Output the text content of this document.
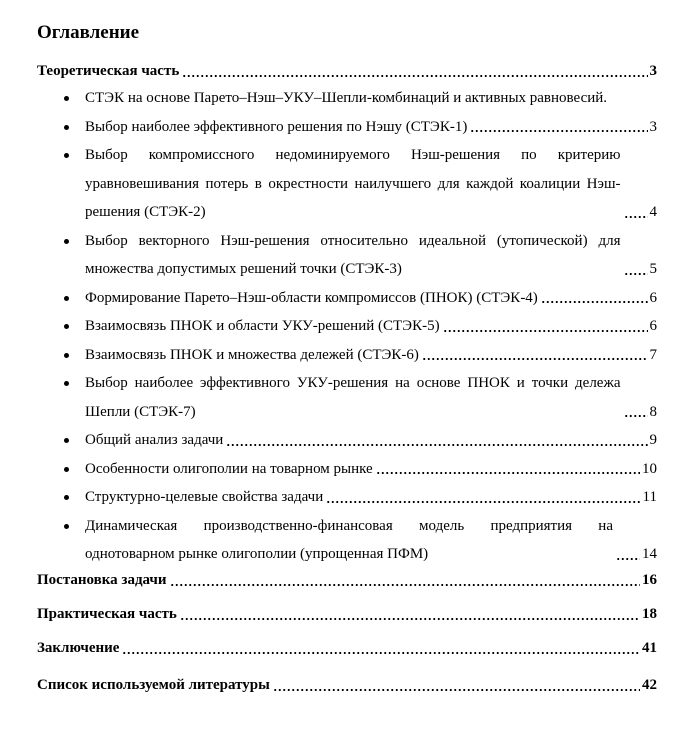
Оглавление
Теоретическая часть	3
СТЭК на основе Парето–Нэш–УКУ–Шепли-комбинаций и активных равновесий.
Выбор наиболее эффективного решения по Нэшу (СТЭК-1)	3
Выбор компромиссного недоминируемого Нэш-решения по критерию уравновешивания потерь в окрестности наилучшего для каждой коалиции Нэш-решения (СТЭК-2)	4
Выбор векторного Нэш-решения относительно идеальной (утопической) для множества допустимых решений точки (СТЭК-3)	5
Формирование Парето–Нэш-области компромиссов (ПНОК) (СТЭК-4)	6
Взаимосвязь ПНОК и области УКУ-решений (СТЭК-5)	6
Взаимосвязь ПНОК и множества дележей (СТЭК-6)	7
Выбор наиболее эффективного УКУ-решения на основе ПНОК и точки дележа Шепли (СТЭК-7)	8
Общий анализ задачи	9
Особенности олигополии на товарном рынке	10
Структурно-целевые свойства задачи	11
Динамическая производственно-финансовая модель предприятия на однотоварном рынке олигополии (упрощенная ПФМ)	14
Постановка задачи	16
Практическая часть	18
Заключение	41
Список используемой литературы	42
